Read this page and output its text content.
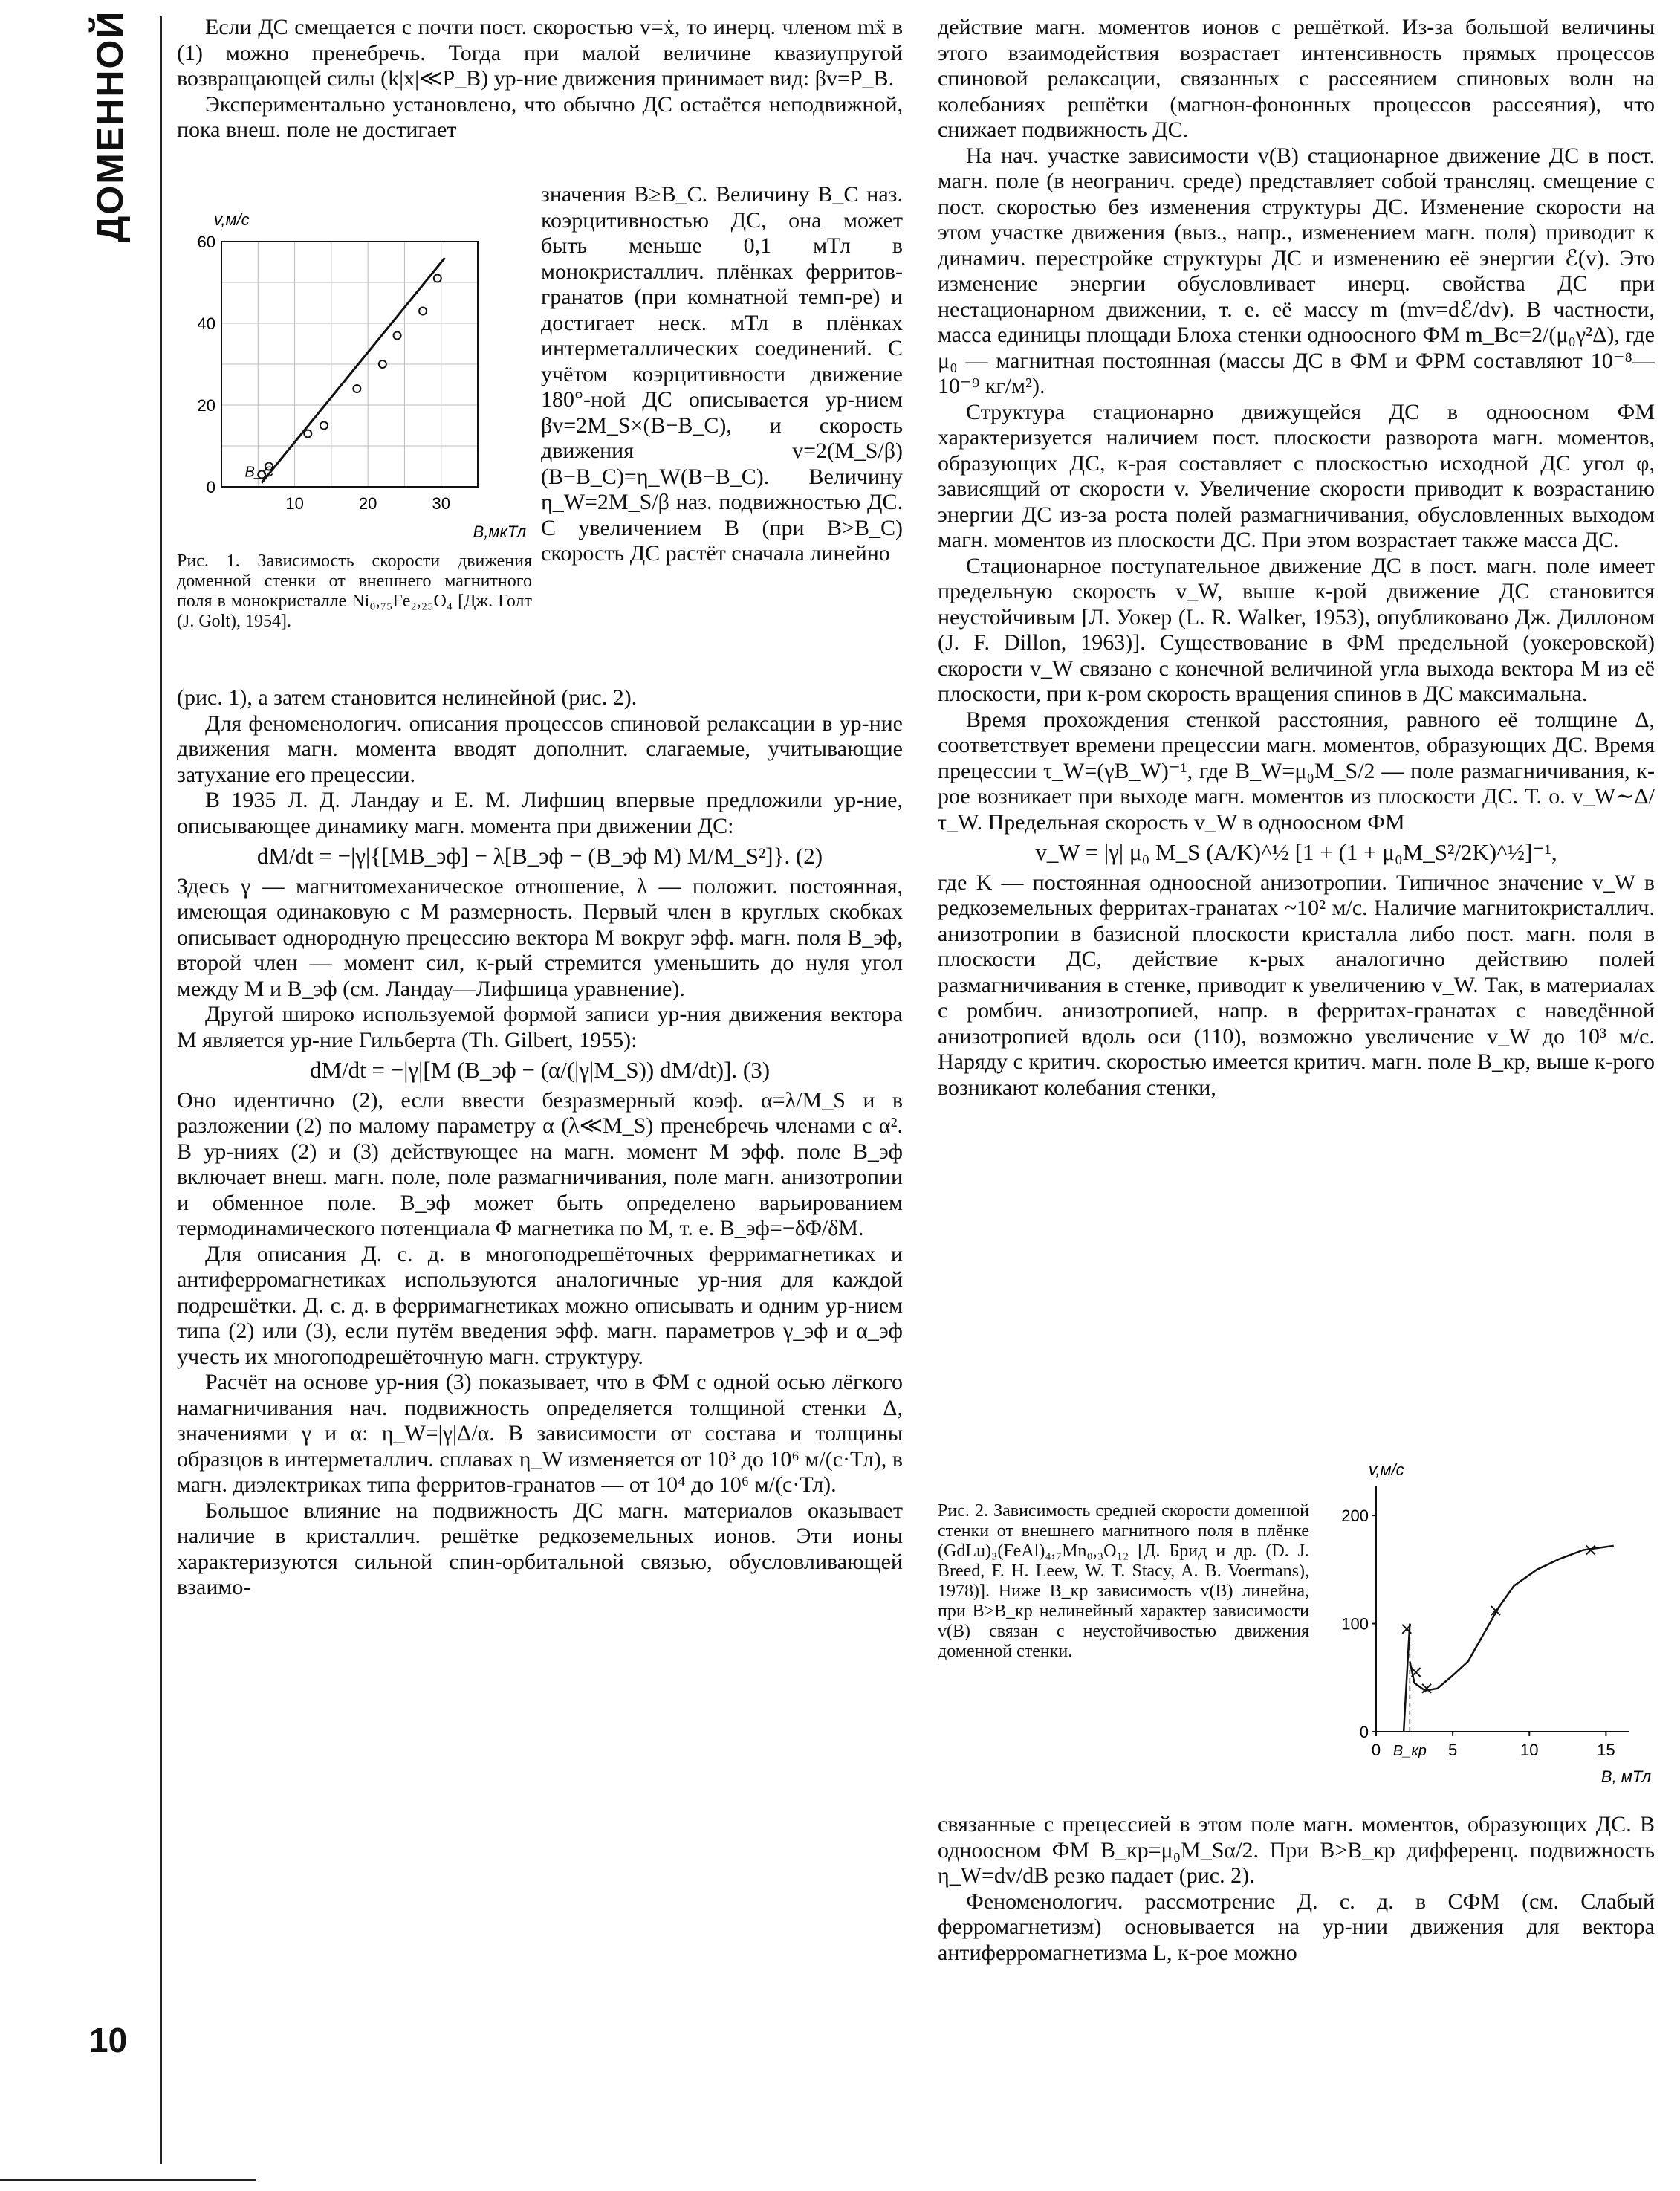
ДОМЕННОЙ
10

Если ДС смещается с почти пост. скоростью v=ẋ, то инерц. членом mẍ в (1) можно пренебречь. Тогда при малой величине квазиупругой возвращающей силы (k|x|≪P_B) ур-ние движения принимает вид: βv=P_B.

Экспериментально установлено, что обычно ДС остаётся неподвижной, пока внеш. поле не достигает

0
20
40
60
10	20	30
v,м/с
B,мкТл
B_C
Рис. 1. Зависимость скорости движения доменной стенки от внешнего магнитного поля в монокристалле Ni₀,₇₅Fe₂,₂₅O₄ [Дж. Голт (J. Golt), 1954].

значения B≥B_C. Величину B_C наз. коэрцитивностью ДС, она может быть меньше 0,1 мТл в монокристаллич. плёнках ферритов-гранатов (при комнатной темп-ре) и достигает неск. мТл в плёнках интерметаллических соединений. С учётом коэрцитивности движение 180°-ной ДС описывается ур-нием βv=2M_S×(B−B_C), и скорость движения v=2(M_S/β)(B−B_C)=η_W(B−B_C). Величину η_W=2M_S/β наз. подвижностью ДС. С увеличением B (при B>B_C) скорость ДС растёт сначала линейно

(рис. 1), а затем становится нелинейной (рис. 2).

Для феноменологич. описания процессов спиновой релаксации в ур-ние движения магн. момента вводят дополнит. слагаемые, учитывающие затухание его прецессии.

В 1935 Л. Д. Ландау и Е. М. Лифшиц впервые предложили ур-ние, описывающее динамику магн. момента при движении ДС:

dM/dt = −|γ|{[MB_эф] − λ[B_эф − (B_эф M) M/M_S²]}. (2)

Здесь γ — магнитомеханическое отношение, λ — положит. постоянная, имеющая одинаковую с M размерность. Первый член в круглых скобках описывает однородную прецессию вектора M вокруг эфф. магн. поля B_эф, второй член — момент сил, к-рый стремится уменьшить до нуля угол между M и B_эф (см. Ландау—Лифшица уравнение).

Другой широко используемой формой записи ур-ния движения вектора M является ур-ние Гильберта (Th. Gilbert, 1955):

dM/dt = −|γ|[M (B_эф − (α/(|γ|M_S)) dM/dt)]. (3)

Оно идентично (2), если ввести безразмерный коэф. α=λ/M_S и в разложении (2) по малому параметру α (λ≪M_S) пренебречь членами с α². В ур-ниях (2) и (3) действующее на магн. момент M эфф. поле B_эф включает внеш. магн. поле, поле размагничивания, поле магн. анизотропии и обменное поле. B_эф может быть определено варьированием термодинамического потенциала Φ магнетика по M, т. е. B_эф=−δΦ/δM.

Для описания Д. с. д. в многоподрешёточных ферримагнетиках и антиферромагнетиках используются аналогичные ур-ния для каждой подрешётки. Д. с. д. в ферримагнетиках можно описывать и одним ур-нием типа (2) или (3), если путём введения эфф. магн. параметров γ_эф и α_эф учесть их многоподрешёточную магн. структуру.

Расчёт на основе ур-ния (3) показывает, что в ФМ с одной осью лёгкого намагничивания нач. подвижность определяется толщиной стенки Δ, значениями γ и α: η_W=|γ|Δ/α. В зависимости от состава и толщины образцов в интерметаллич. сплавах η_W изменяется от 10³ до 10⁶ м/(с·Тл), в магн. диэлектриках типа ферритов-гранатов — от 10⁴ до 10⁶ м/(с·Тл).

Большое влияние на подвижность ДС магн. материалов оказывает наличие в кристаллич. решётке редкоземельных ионов. Эти ионы характеризуются сильной спин-орбитальной связью, обусловливающей взаимо-

действие магн. моментов ионов с решёткой. Из-за большой величины этого взаимодействия возрастает интенсивность прямых процессов спиновой релаксации, связанных с рассеянием спиновых волн на колебаниях решётки (магнон-фононных процессов рассеяния), что снижает подвижность ДС.

На нач. участке зависимости v(B) стационарное движение ДС в пост. магн. поле (в неогранич. среде) представляет собой трансляц. смещение с пост. скоростью без изменения структуры ДС. Изменение скорости на этом участке движения (выз., напр., изменением магн. поля) приводит к динамич. перестройке структуры ДС и изменению её энергии ℰ(v). Это изменение энергии обусловливает инерц. свойства ДС при нестационарном движении, т. е. её массу m (mv=dℰ/dv). В частности, масса единицы площади Блоха стенки одноосного ФМ m_Bc=2/(μ₀γ²Δ), где μ₀ — магнитная постоянная (массы ДС в ФМ и ФРМ составляют 10⁻⁸—10⁻⁹ кг/м²).

Структура стационарно движущейся ДС в одноосном ФМ характеризуется наличием пост. плоскости разворота магн. моментов, образующих ДС, к-рая составляет с плоскостью исходной ДС угол φ, зависящий от скорости v. Увеличение скорости приводит к возрастанию энергии ДС из-за роста полей размагничивания, обусловленных выходом магн. моментов из плоскости ДС. При этом возрастает также масса ДС.

Стационарное поступательное движение ДС в пост. магн. поле имеет предельную скорость v_W, выше к-рой движение ДС становится неустойчивым [Л. Уокер (L. R. Walker, 1953), опубликовано Дж. Диллоном (J. F. Dillon, 1963)]. Существование в ФМ предельной (уокеровской) скорости v_W связано с конечной величиной угла выхода вектора M из её плоскости, при к-ром скорость вращения спинов в ДС максимальна.

Время прохождения стенкой расстояния, равного её толщине Δ, соответствует времени прецессии магн. моментов, образующих ДС. Время прецессии τ_W=(γB_W)⁻¹, где B_W=μ₀M_S/2 — поле размагничивания, к-рое возникает при выходе магн. моментов из плоскости ДС. Т. о. v_W∼Δ/τ_W. Предельная скорость v_W в одноосном ФМ

v_W = |γ| μ₀ M_S (A/K)^½ [1 + (1 + μ₀M_S²/2K)^½]⁻¹,

где K — постоянная одноосной анизотропии. Типичное значение v_W в редкоземельных ферритах-гранатах ~10² м/с. Наличие магнитокристаллич. анизотропии в базисной плоскости кристалла либо пост. магн. поля в плоскости ДС, действие к-рых аналогично действию полей размагничивания в стенке, приводит к увеличению v_W. Так, в материалах с ромбич. анизотропией, напр. в ферритах-гранатах с наведённой анизотропией вдоль оси (110), возможно увеличение v_W до 10³ м/с. Наряду с критич. скоростью имеется критич. магн. поле B_кр, выше к-рого возникают колебания стенки,

Рис. 2. Зависимость средней скорости доменной стенки от внешнего магнитного поля в плёнке (GdLu)₃(FeAl)₄,₇Mn₀,₃O₁₂ [Д. Брид и др. (D. J. Breed, F. H. Leew, W. T. Stacy, A. B. Voermans), 1978)]. Ниже B_кр зависимость v(B) линейна, при B>B_кр нелинейный характер зависимости v(B) связан с неустойчивостью движения доменной стенки.
0
100
200
0	5	10	15
B_кр
v,м/с
B, мТл

связанные с прецессией в этом поле магн. моментов, образующих ДС. В одноосном ФМ B_кр=μ₀M_Sα/2. При B>B_кр дифференц. подвижность η_W=dv/dB резко падает (рис. 2).

Феноменологич. рассмотрение Д. с. д. в СФМ (см. Слабый ферромагнетизм) основывается на ур-нии движения для вектора антиферромагнетизма L, к-рое можно
